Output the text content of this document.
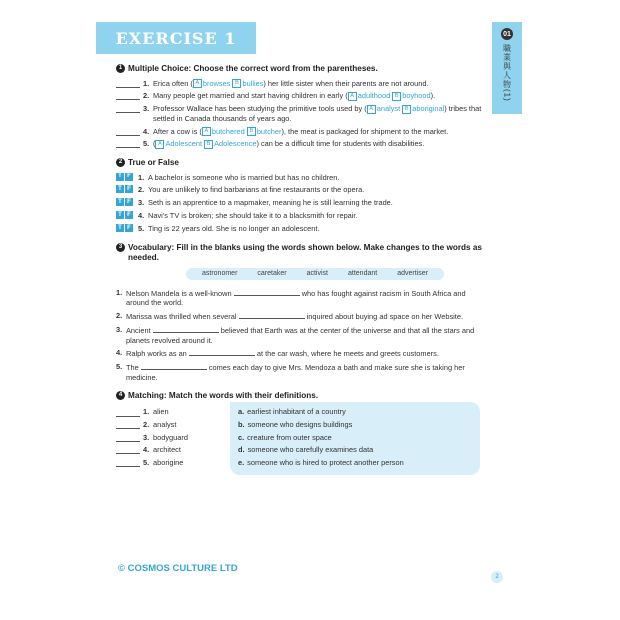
EXERCISE 1	01
職業與人物(1)
1 Multiple Choice: Choose the correct word from the parentheses.
1. Erica often ( A browses B bullies) her little sister when their parents are not around.
2. Many people get married and start having children in early ( A adulthood B boyhood).
3. Professor Wallace has been studying the primitive tools used by ( A analyst B aboriginal) tribes that settled in Canada thousands of years ago.
4. After a cow is ( A butchered B butcher), the meat is packaged for shipment to the market.
5. ( A Adolescent B Adolescence) can be a difficult time for students with disabilities.
2 True or False
T F 1. A bachelor is someone who is married but has no children.
T F 2. You are unlikely to find barbarians at fine restaurants or the opera.
T F 3. Seth is an apprentice to a mapmaker, meaning he is still learning the trade.
T F 4. Navi's TV is broken; she should take it to a blacksmith for repair.
T F 5. Ting is 22 years old. She is no longer an adolescent.
3 Vocabulary: Fill in the blanks using the words shown below. Make changes to the words as needed.
astronomer	caretaker	activist	attendant	advertiser
1. Nelson Mandela is a well-known	who has fought against racism in South Africa and around the world.
2. Marissa was thrilled when several	inquired about buying ad space on her Website.
3. Ancient	believed that Earth was at the center of the universe and that all the stars and planets revolved around it.
4. Ralph works as an	at the car wash, where he meets and greets customers.
5. The	comes each day to give Mrs. Mendoza a bath and make sure she is taking her medicine.
4 Matching: Match the words with their definitions.
1. alien
2. analyst
3. bodyguard
4. architect
5. aborigine
a. earliest inhabitant of a country
b. someone who designs buildings
c. creature from outer space
d. someone who carefully examines data
e. someone who is hired to protect another person
© COSMOS CULTURE LTD
2
